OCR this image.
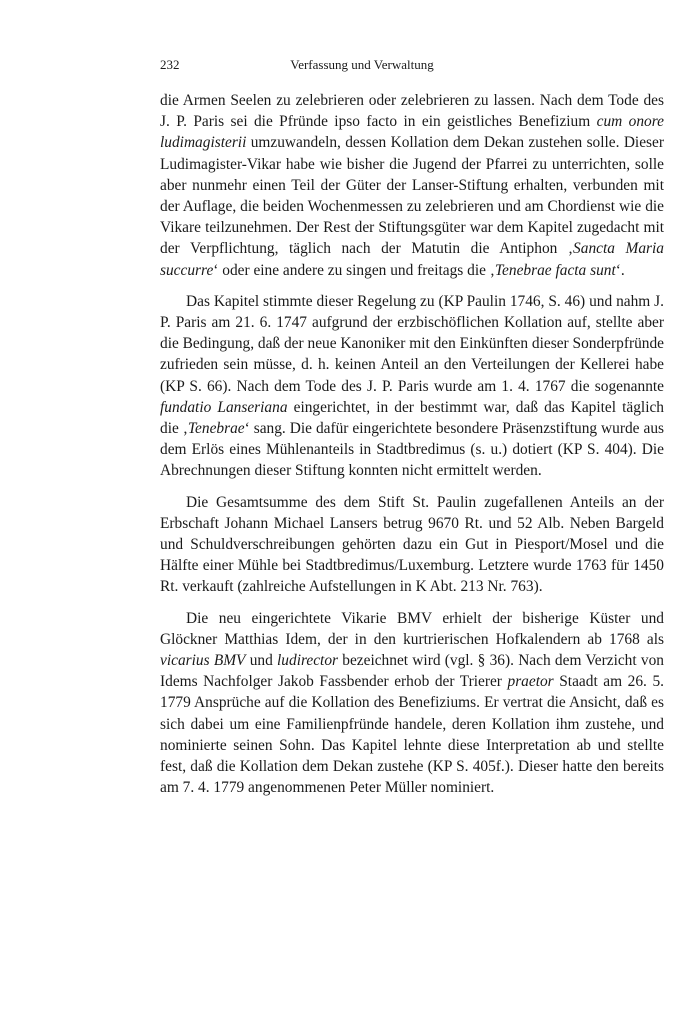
232	Verfassung und Verwaltung

die Armen Seelen zu zelebrieren oder zelebrieren zu lassen. Nach dem Tode des J. P. Paris sei die Pfründe ipso facto in ein geistliches Benefizium cum onore ludimagisterii umzuwandeln, dessen Kollation dem Dekan zustehen solle. Dieser Ludimagister-Vikar habe wie bisher die Jugend der Pfarrei zu unterrichten, solle aber nunmehr einen Teil der Güter der Lanser-Stiftung erhalten, verbunden mit der Auflage, die beiden Wochenmessen zu zelebrieren und am Chordienst wie die Vikare teilzunehmen. Der Rest der Stiftungsgüter war dem Kapitel zugedacht mit der Verpflichtung, täglich nach der Matutin die Antiphon ‚Sancta Maria succurre‘ oder eine andere zu singen und freitags die ‚Tenebrae facta sunt‘.

Das Kapitel stimmte dieser Regelung zu (KP Paulin 1746, S. 46) und nahm J. P. Paris am 21. 6. 1747 aufgrund der erzbischöflichen Kollation auf, stellte aber die Bedingung, daß der neue Kanoniker mit den Einkünften dieser Sonderpfründe zufrieden sein müsse, d. h. keinen Anteil an den Verteilungen der Kellerei habe (KP S. 66). Nach dem Tode des J. P. Paris wurde am 1. 4. 1767 die sogenannte fundatio Lanseriana eingerichtet, in der bestimmt war, daß das Kapitel täglich die ‚Tenebrae‘ sang. Die dafür eingerichtete besondere Präsenzstiftung wurde aus dem Erlös eines Mühlenanteils in Stadtbredimus (s. u.) dotiert (KP S. 404). Die Abrechnungen dieser Stiftung konnten nicht ermittelt werden.

Die Gesamtsumme des dem Stift St. Paulin zugefallenen Anteils an der Erbschaft Johann Michael Lansers betrug 9670 Rt. und 52 Alb. Neben Bargeld und Schuldverschreibungen gehörten dazu ein Gut in Piesport/Mosel und die Hälfte einer Mühle bei Stadtbredimus/Luxemburg. Letztere wurde 1763 für 1450 Rt. verkauft (zahlreiche Aufstellungen in K Abt. 213 Nr. 763).

Die neu eingerichtete Vikarie BMV erhielt der bisherige Küster und Glöckner Matthias Idem, der in den kurtrierischen Hofkalendern ab 1768 als vicarius BMV und ludirector bezeichnet wird (vgl. § 36). Nach dem Verzicht von Idems Nachfolger Jakob Fassbender erhob der Trierer praetor Staadt am 26. 5. 1779 Ansprüche auf die Kollation des Benefiziums. Er vertrat die Ansicht, daß es sich dabei um eine Familienpfründe handele, deren Kollation ihm zustehe, und nominierte seinen Sohn. Das Kapitel lehnte diese Interpretation ab und stellte fest, daß die Kollation dem Dekan zustehe (KP S. 405f.). Dieser hatte den bereits am 7. 4. 1779 angenommenen Peter Müller nominiert.
